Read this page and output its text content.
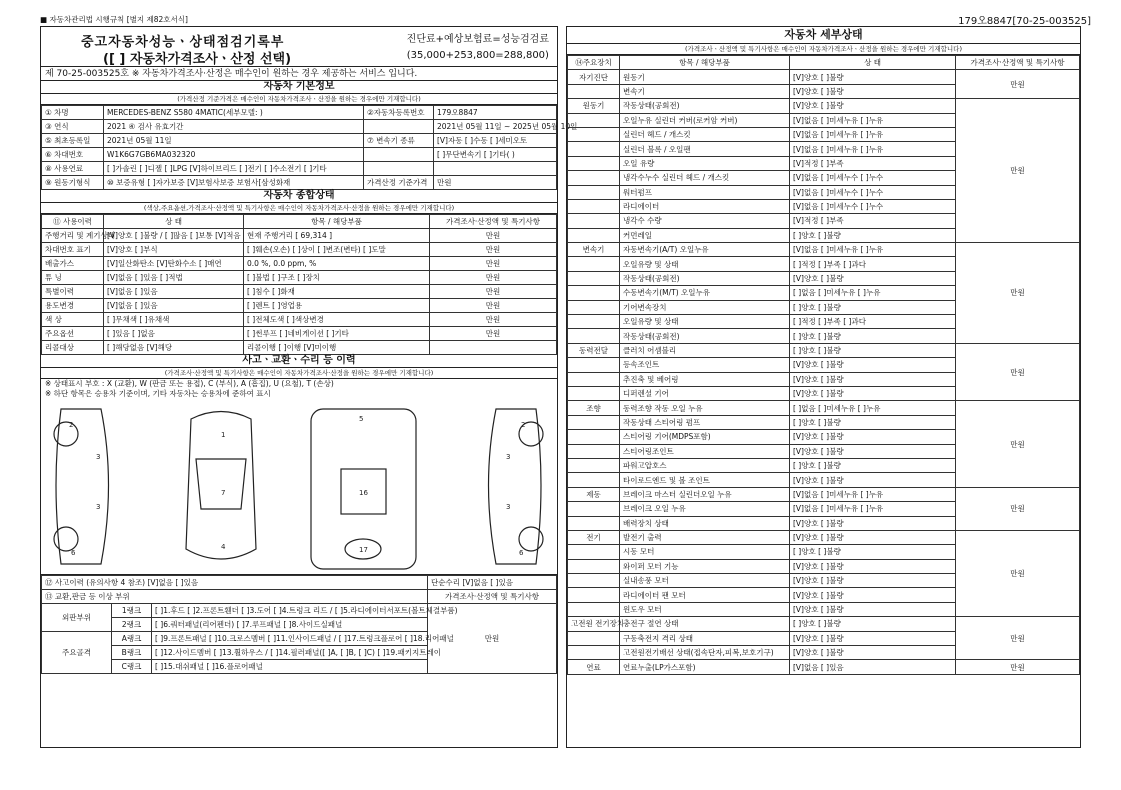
■ 자동차관리법 시행규칙 [별지 제82호서식]	179오8847[70-25-003525]
중고자동차성능ㆍ상태점검기록부
([ ] 자동차가격조사ㆍ산정 선택)
진단료+예상보험료=성능검검료
(35,000+253,800=288,800)
제 70-25-003525호 ※ 자동차가격조사·산정은 매수인이 원하는 경우 제공하는 서비스 입니다.
자동차 기본정보
(가격산정 기준가격은 매수인이 자동차가격조사ㆍ산정을 원하는 경우에만 기재합니다)
① 차명	MERCEDES-BENZ S580 4MATIC(세부모델: )	②자동차등록번호	179오8847
③ 연식	2021 ④ 검사 유효기간		2021년 05월 11일 ~ 2025년 05월 10일
⑤ 최초등록일	2021년 05월 11일	⑦ 변속기 종류	[V]자동 [ ]수동 [ ]세미오토
⑥ 차대번호	W1K6G7GB6MA032320		[ ]무단변속기 [ ]기타( )
⑧ 사용연료	[ ]가솔린 [ ]디젤 [ ]LPG [V]하이브리드 [ ]전기 [ ]수소전기 [ ]기타		
⑨ 원동기형식	⑩ 보증유형 [ ]자가보증 [V]보험사보증 보험사[삼성화재	가격산정 기준가격	만원
자동차 종합상태
(색상,주요옵션,가격조사·산정액 및 특기사항은 매수인이 자동차가격조사·산정을 원하는 경우에만 기재합니다)
⑪ 사용이력	상 태	항목 / 해당부품	가격조사·산정액 및 특기사항
주행거리 및 계기상태	[V]양호 [ ]불량 / [ ]많음 [ ]보통 [V]적음	현재 주행거리 [ 69,314 ]	만원
차대번호 표기	[V]양호 [ ]부식	[ ]훼손(오손) [ ]상이 [ ]변조(변타) [ ]도말	만원
배출가스	[V]일산화탄소 [V]탄화수소 [ ]매연	0.0 %, 0.0 ppm, %	만원
튜 닝	[V]없음 [ ]있음 [ ]적법	[ ]불법 [ ]구조 [ ]장치	만원
특별이력	[V]없음 [ ]있음	[ ]침수 [ ]화재	만원
용도변경	[V]없음 [ ]있음	[ ]렌트 [ ]영업용	만원
색 상	[ ]무채색 [ ]유채색	[ ]전체도색 [ ]색상변경	만원
주요옵션	[ ]있음 [ ]없음	[ ]썬루프 [ ]네비게이션 [ ]기타	만원
리콜대상	[ ]해당없음 [V]해당	리콜이행 [ ]이행 [V]미이행	
사고ㆍ교환ㆍ수리 등 이력
(가격조사·산정액 및 특기사항은 매수인이 자동차가격조사·산정을 원하는 경우에만 기재합니다)
※ 상태표시 부호 : X (교환), W (판금 또는 용접), C (부식), A (흠집), U (요철), T (손상)
※ 하단 항목은 승용차 기준이며, 기타 자동차는 승용차에 준하여 표시
2
3
3
6
1
7
4
5
16
17
2
3
3
6
⑫ 사고이력 (유의사항 4 참조) [V]없음 [ ]있음			단순수리 [V]없음 [ ]있음
⑬ 교환,판금 등 이상 부위			가격조사·산정액 및 특기사항
외판부위	1랭크	[ ]1.후드 [ ]2.프론트휀더 [ ]3.도어 [ ]4.트렁크 리드 / [ ]5.라디에이터서포트(볼트체결부품)	만원
	2랭크	[ ]6.쿼터패널(리어펜더) [ ]7.루프패널 [ ]8.사이드실패널	
주요골격	A랭크	[ ]9.프론트패널 [ ]10.크로스멤버 [ ]11.인사이드패널 / [ ]17.트렁크플로어 [ ]18.리어패널	
	B랭크	[ ]12.사이드멤버 [ ]13.휠하우스 / [ ]14.필러패널([ ]A, [ ]B, [ ]C) [ ]19.패키지트레이	
	C랭크	[ ]15.대쉬패널 [ ]16.플로어패널	
자동차 세부상태
(가격조사ㆍ산정액 및 특기사항은 매수인이 자동차가격조사ㆍ산정을 원하는 경우에만 기재합니다)
⑭주요장치	항목 / 해당부품	상 태	가격조사·산정액 및 특기사항
자기진단	원동기	[V]양호 [ ]불량	만원
	변속기	[V]양호 [ ]불량	
원동기	작동상태(공회전)	[V]양호 [ ]불량	만원
	오일누유 실린더 커버(로커암 커버)	[V]없음 [ ]미세누유 [ ]누유	
	실린더 헤드 / 개스킷	[V]없음 [ ]미세누유 [ ]누유	
	실린더 블록 / 오일팬	[V]없음 [ ]미세누유 [ ]누유	
	오일 유량	[V]적정 [ ]부족	
	냉각수누수 실린더 헤드 / 개스킷	[V]없음 [ ]미세누수 [ ]누수	
	워터펌프	[V]없음 [ ]미세누수 [ ]누수	
	라디에이터	[V]없음 [ ]미세누수 [ ]누수	
	냉각수 수량	[V]적정 [ ]부족	
	커먼레일	[ ]양호 [ ]불량	
변속기	자동변속기(A/T) 오일누유	[V]없음 [ ]미세누유 [ ]누유	만원
	오일유량 및 상태	[ ]적정 [ ]부족 [ ]과다	
	작동상태(공회전)	[V]양호 [ ]불량	
	수동변속기(M/T) 오일누유	[ ]없음 [ ]미세누유 [ ]누유	
	기어변속장치	[ ]양호 [ ]불량	
	오일유량 및 상태	[ ]적정 [ ]부족 [ ]과다	
	작동상태(공회전)	[ ]양호 [ ]불량	
동력전달	클러치 어셈블리	[ ]양호 [ ]불량	만원
	등속조인트	[V]양호 [ ]불량	
	추진축 및 베어링	[V]양호 [ ]불량	
	디퍼렌셜 기어	[V]양호 [ ]불량	
조향	동력조향 작동 오일 누유	[ ]없음 [ ]미세누유 [ ]누유	만원
	작동상태 스티어링 펌프	[ ]양호 [ ]불량	
	스티어링 기어(MDPS포함)	[V]양호 [ ]불량	
	스티어링조인트	[V]양호 [ ]불량	
	파워고압호스	[ ]양호 [ ]불량	
	타이로드엔드 및 볼 조인트	[V]양호 [ ]불량	
제동	브레이크 마스터 실린더오일 누유	[V]없음 [ ]미세누유 [ ]누유	만원
	브레이크 오일 누유	[V]없음 [ ]미세누유 [ ]누유	
	배력장치 상태	[V]양호 [ ]불량	
전기	발전기 출력	[V]양호 [ ]불량	만원
	시동 모터	[ ]양호 [ ]불량	
	와이퍼 모터 기능	[V]양호 [ ]불량	
	실내송풍 모터	[V]양호 [ ]불량	
	라디에이터 팬 모터	[V]양호 [ ]불량	
	윈도우 모터	[V]양호 [ ]불량	
고전원 전기장치	충전구 절연 상태	[ ]양호 [ ]불량	만원
	구동축전지 격리 상태	[V]양호 [ ]불량	
	고전원전기배선 상태(접속단자,피복,보호기구)	[V]양호 [ ]불량	
연료	연료누출(LP가스포함)	[V]없음 [ ]있음	만원
